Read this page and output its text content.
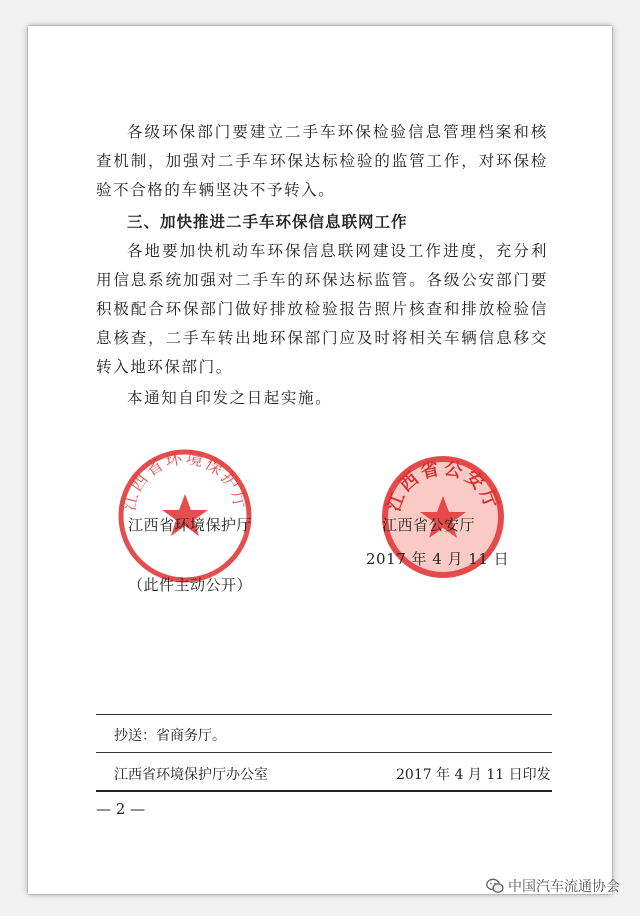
各级环保部门要建立二手车环保检验信息管理档案和核查机制，加强对二手车环保达标检验的监管工作，对环保检验不合格的车辆坚决不予转入。

三、加快推进二手车环保信息联网工作

各地要加快机动车环保信息联网建设工作进度，充分利用信息系统加强对二手车的环保达标监管。各级公安部门要积极配合环保部门做好排放检验报告照片核查和排放检验信息核查，二手车转出地环保部门应及时将相关车辆信息移交转入地环保部门。

本通知自印发之日起实施。

江西省环境保护厅	江西省公安厅
江西省环境保护厅	江西省公安厅
2017 年 4 月 11 日
（此件主动公开）
抄送：省商务厅。
江西省环境保护厅办公室	2017 年 4 月 11 日印发
— 2 —
中国汽车流通协会
